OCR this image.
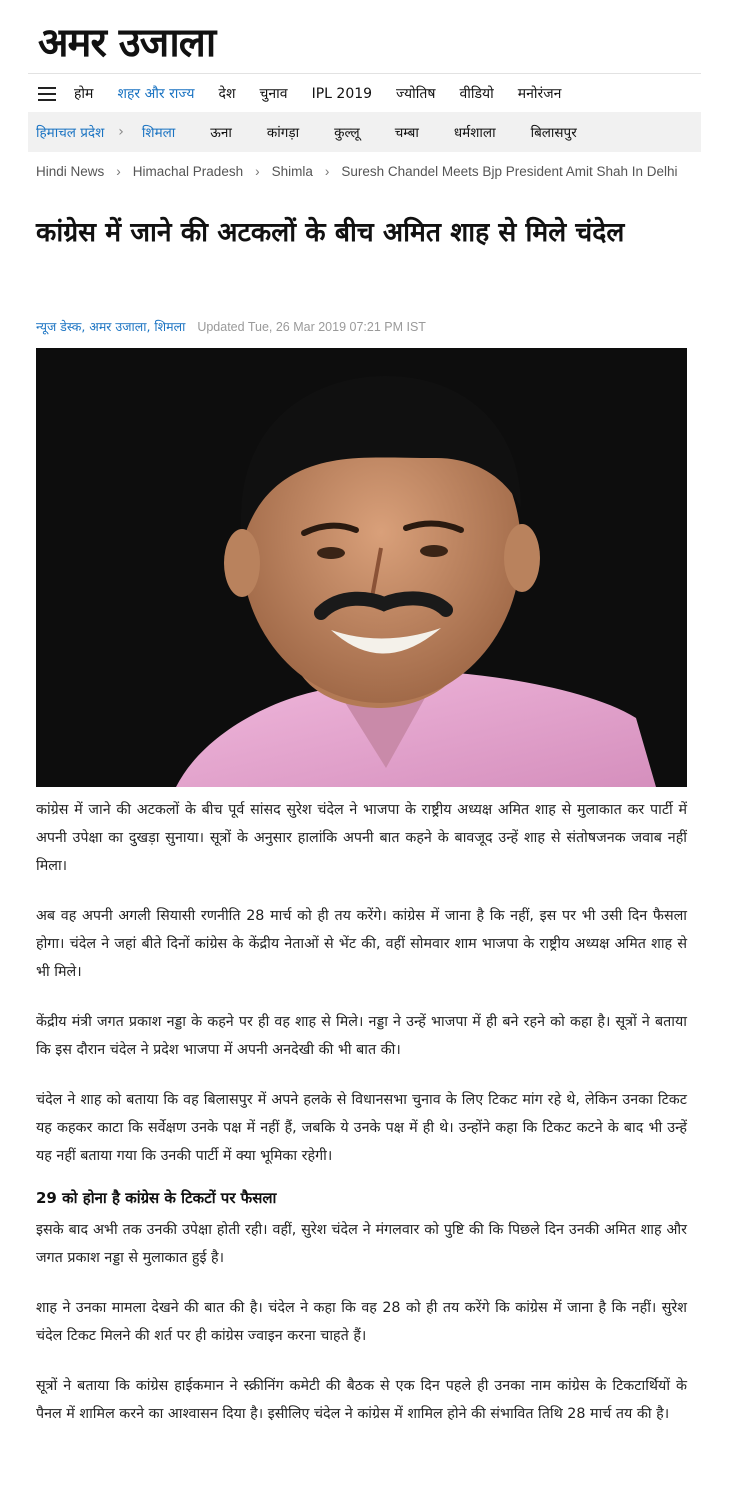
अमर उजाला
होम शहर और राज्य देश चुनाव IPL 2019 ज्योतिष वीडियो मनोरंजन
हिमाचल प्रदेश › शिमला	ऊना	कांगड़ा	कुल्लू	चम्बा	धर्मशाला	बिलासपुर
Hindi News › Himachal Pradesh › Shimla › Suresh Chandel Meets Bjp President Amit Shah In Delhi
कांग्रेस में जाने की अटकलों के बीच अमित शाह से मिले चंदेल
न्यूज डेस्क, अमर उजाला, शिमला Updated Tue, 26 Mar 2019 07:21 PM IST

कांग्रेस में जाने की अटकलों के बीच पूर्व सांसद सुरेश चंदेल ने भाजपा के राष्ट्रीय अध्यक्ष अमित शाह से मुलाकात कर पार्टी में अपनी उपेक्षा का दुखड़ा सुनाया। सूत्रों के अनुसार हालांकि अपनी बात कहने के बावजूद उन्हें शाह से संतोषजनक जवाब नहीं मिला।

अब वह अपनी अगली सियासी रणनीति 28 मार्च को ही तय करेंगे। कांग्रेस में जाना है कि नहीं, इस पर भी उसी दिन फैसला होगा। चंदेल ने जहां बीते दिनों कांग्रेस के केंद्रीय नेताओं से भेंट की, वहीं सोमवार शाम भाजपा के राष्ट्रीय अध्यक्ष अमित शाह से भी मिले।

केंद्रीय मंत्री जगत प्रकाश नड्डा के कहने पर ही वह शाह से मिले। नड्डा ने उन्हें भाजपा में ही बने रहने को कहा है। सूत्रों ने बताया कि इस दौरान चंदेल ने प्रदेश भाजपा में अपनी अनदेखी की भी बात की।

चंदेल ने शाह को बताया कि वह बिलासपुर में अपने हलके से विधानसभा चुनाव के लिए टिकट मांग रहे थे, लेकिन उनका टिकट यह कहकर काटा कि सर्वेक्षण उनके पक्ष में नहीं हैं, जबकि ये उनके पक्ष में ही थे। उन्होंने कहा कि टिकट कटने के बाद भी उन्हें यह नहीं बताया गया कि उनकी पार्टी में क्या भूमिका रहेगी।

29 को होना है कांग्रेस के टिकटों पर फैसला

इसके बाद अभी तक उनकी उपेक्षा होती रही। वहीं, सुरेश चंदेल ने मंगलवार को पुष्टि की कि पिछले दिन उनकी अमित शाह और जगत प्रकाश नड्डा से मुलाकात हुई है।

शाह ने उनका मामला देखने की बात की है। चंदेल ने कहा कि वह 28 को ही तय करेंगे कि कांग्रेस में जाना है कि नहीं। सुरेश चंदेल टिकट मिलने की शर्त पर ही कांग्रेस ज्वाइन करना चाहते हैं।

सूत्रों ने बताया कि कांग्रेस हाईकमान ने स्क्रीनिंग कमेटी की बैठक से एक दिन पहले ही उनका नाम कांग्रेस के टिकटार्थियों के पैनल में शामिल करने का आश्वासन दिया है। इसीलिए चंदेल ने कांग्रेस में शामिल होने की संभावित तिथि 28 मार्च तय की है।
